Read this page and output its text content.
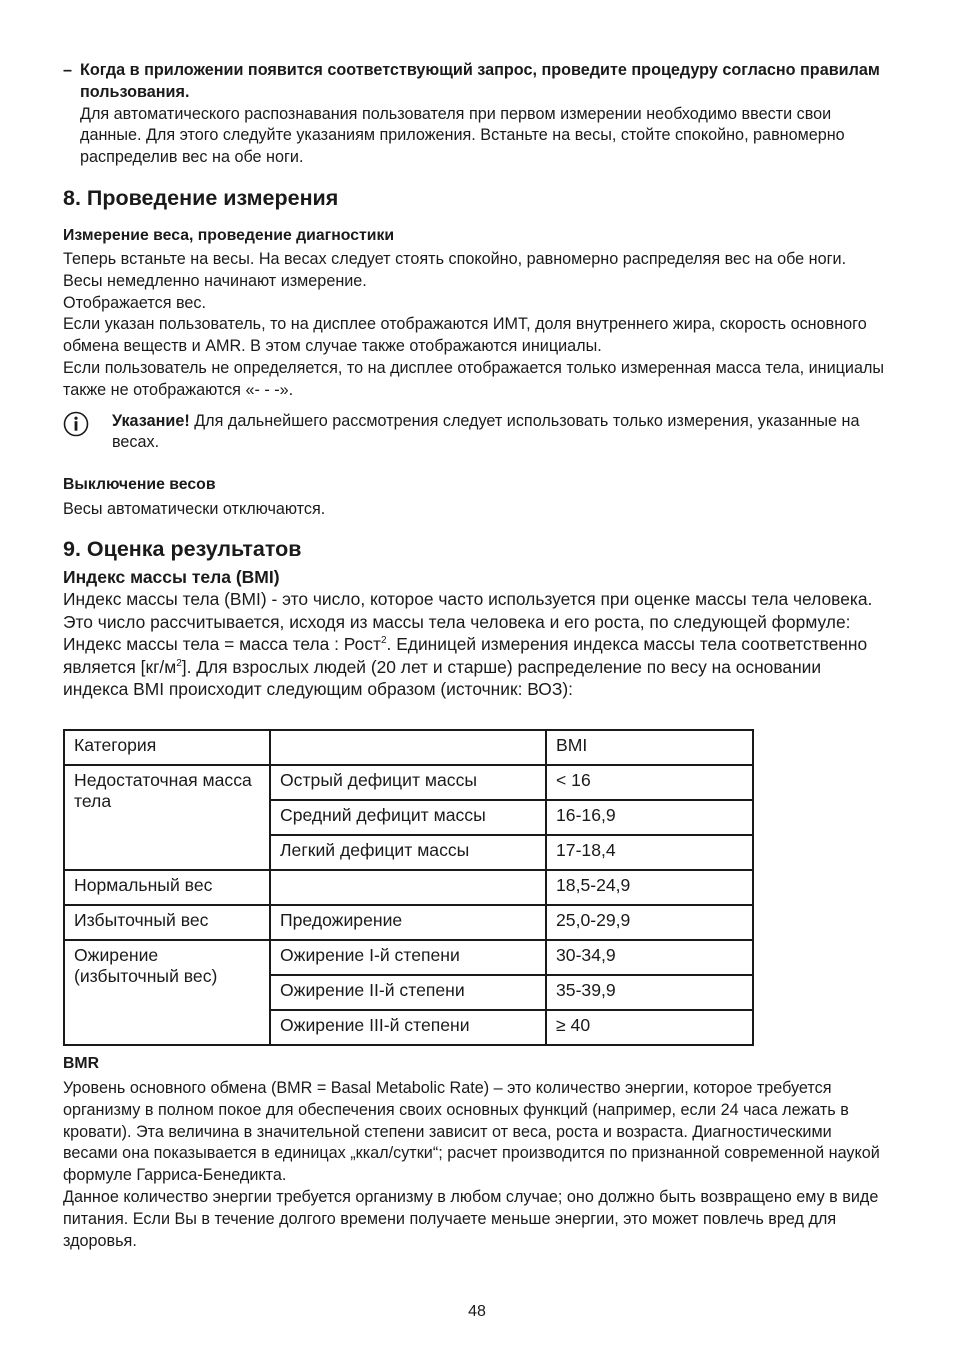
– Когда в приложении появится соответствующий запрос, проведите процедуру согласно правилам пользования.

Для автоматического распознавания пользователя при первом измерении необходимо ввести свои данные. Для этого следуйте указаниям приложения. Встаньте на весы, стойте спокойно, равномерно распределив вес на обе ноги.

8. Проведение измерения
Измерение веса, проведение диагностики

Теперь встаньте на весы. На весах следует стоять спокойно, равномерно распределяя вес на обе ноги. Весы немедленно начинают измерение.

Отображается вес.

Если указан пользователь, то на дисплее отображаются ИМТ, доля внутреннего жира, скорость основного обмена веществ и AMR. В этом случае также отображаются инициалы.

Если пользователь не определяется, то на дисплее отображается только измеренная масса тела, инициалы также не отображаются «- - -».

Указание! Для дальнейшего рассмотрения следует использовать только измерения, указанные на весах.

Выключение весов

Весы автоматически отключаются.

9. Оценка результатов
Индекс массы тела (BMI)

Индекс массы тела (BMI) - это число, которое часто используется при оценке массы тела человека. Это число рассчитывается, исходя из массы тела человека и его роста, по следующей формуле: Индекс массы тела = масса тела : Рост$^2$. Единицей измерения индекса массы тела соответственно является $[кг/м^2]$. Для взрослых людей (20 лет и старше) распределение по весу на основании индекса BMI происходит следующим образом (источник: ВОЗ):

Категория		BMI
Недостаточная масса тела	Острый дефицит массы	< 16
	Средний дефицит массы	16-16,9
	Легкий дефицит массы	17-18,4
Нормальный вес		18,5-24,9
Избыточный вес	Предожирение	25,0-29,9
Ожирение (избыточный вес)	Ожирение I-й степени	30-34,9
	Ожирение II-й степени	35-39,9
	Ожирение III-й степени	≥ 40
BMR

Уровень основного обмена (BMR = Basal Metabolic Rate) – это количество энергии, которое требуется организму в полном покое для обеспечения своих основных функций (например, если 24 часа лежать в кровати). Эта величина в значительной степени зависит от веса, роста и возраста. Диагностическими весами она показывается в единицах „ккал/сутки“; расчет производится по признанной современной наукой формуле Гарриса-Бенедикта.

Данное количество энергии требуется организму в любом случае; оно должно быть возвращено ему в виде питания. Если Вы в течение долгого времени получаете меньше энергии, это может повлечь вред для здоровья.

48
